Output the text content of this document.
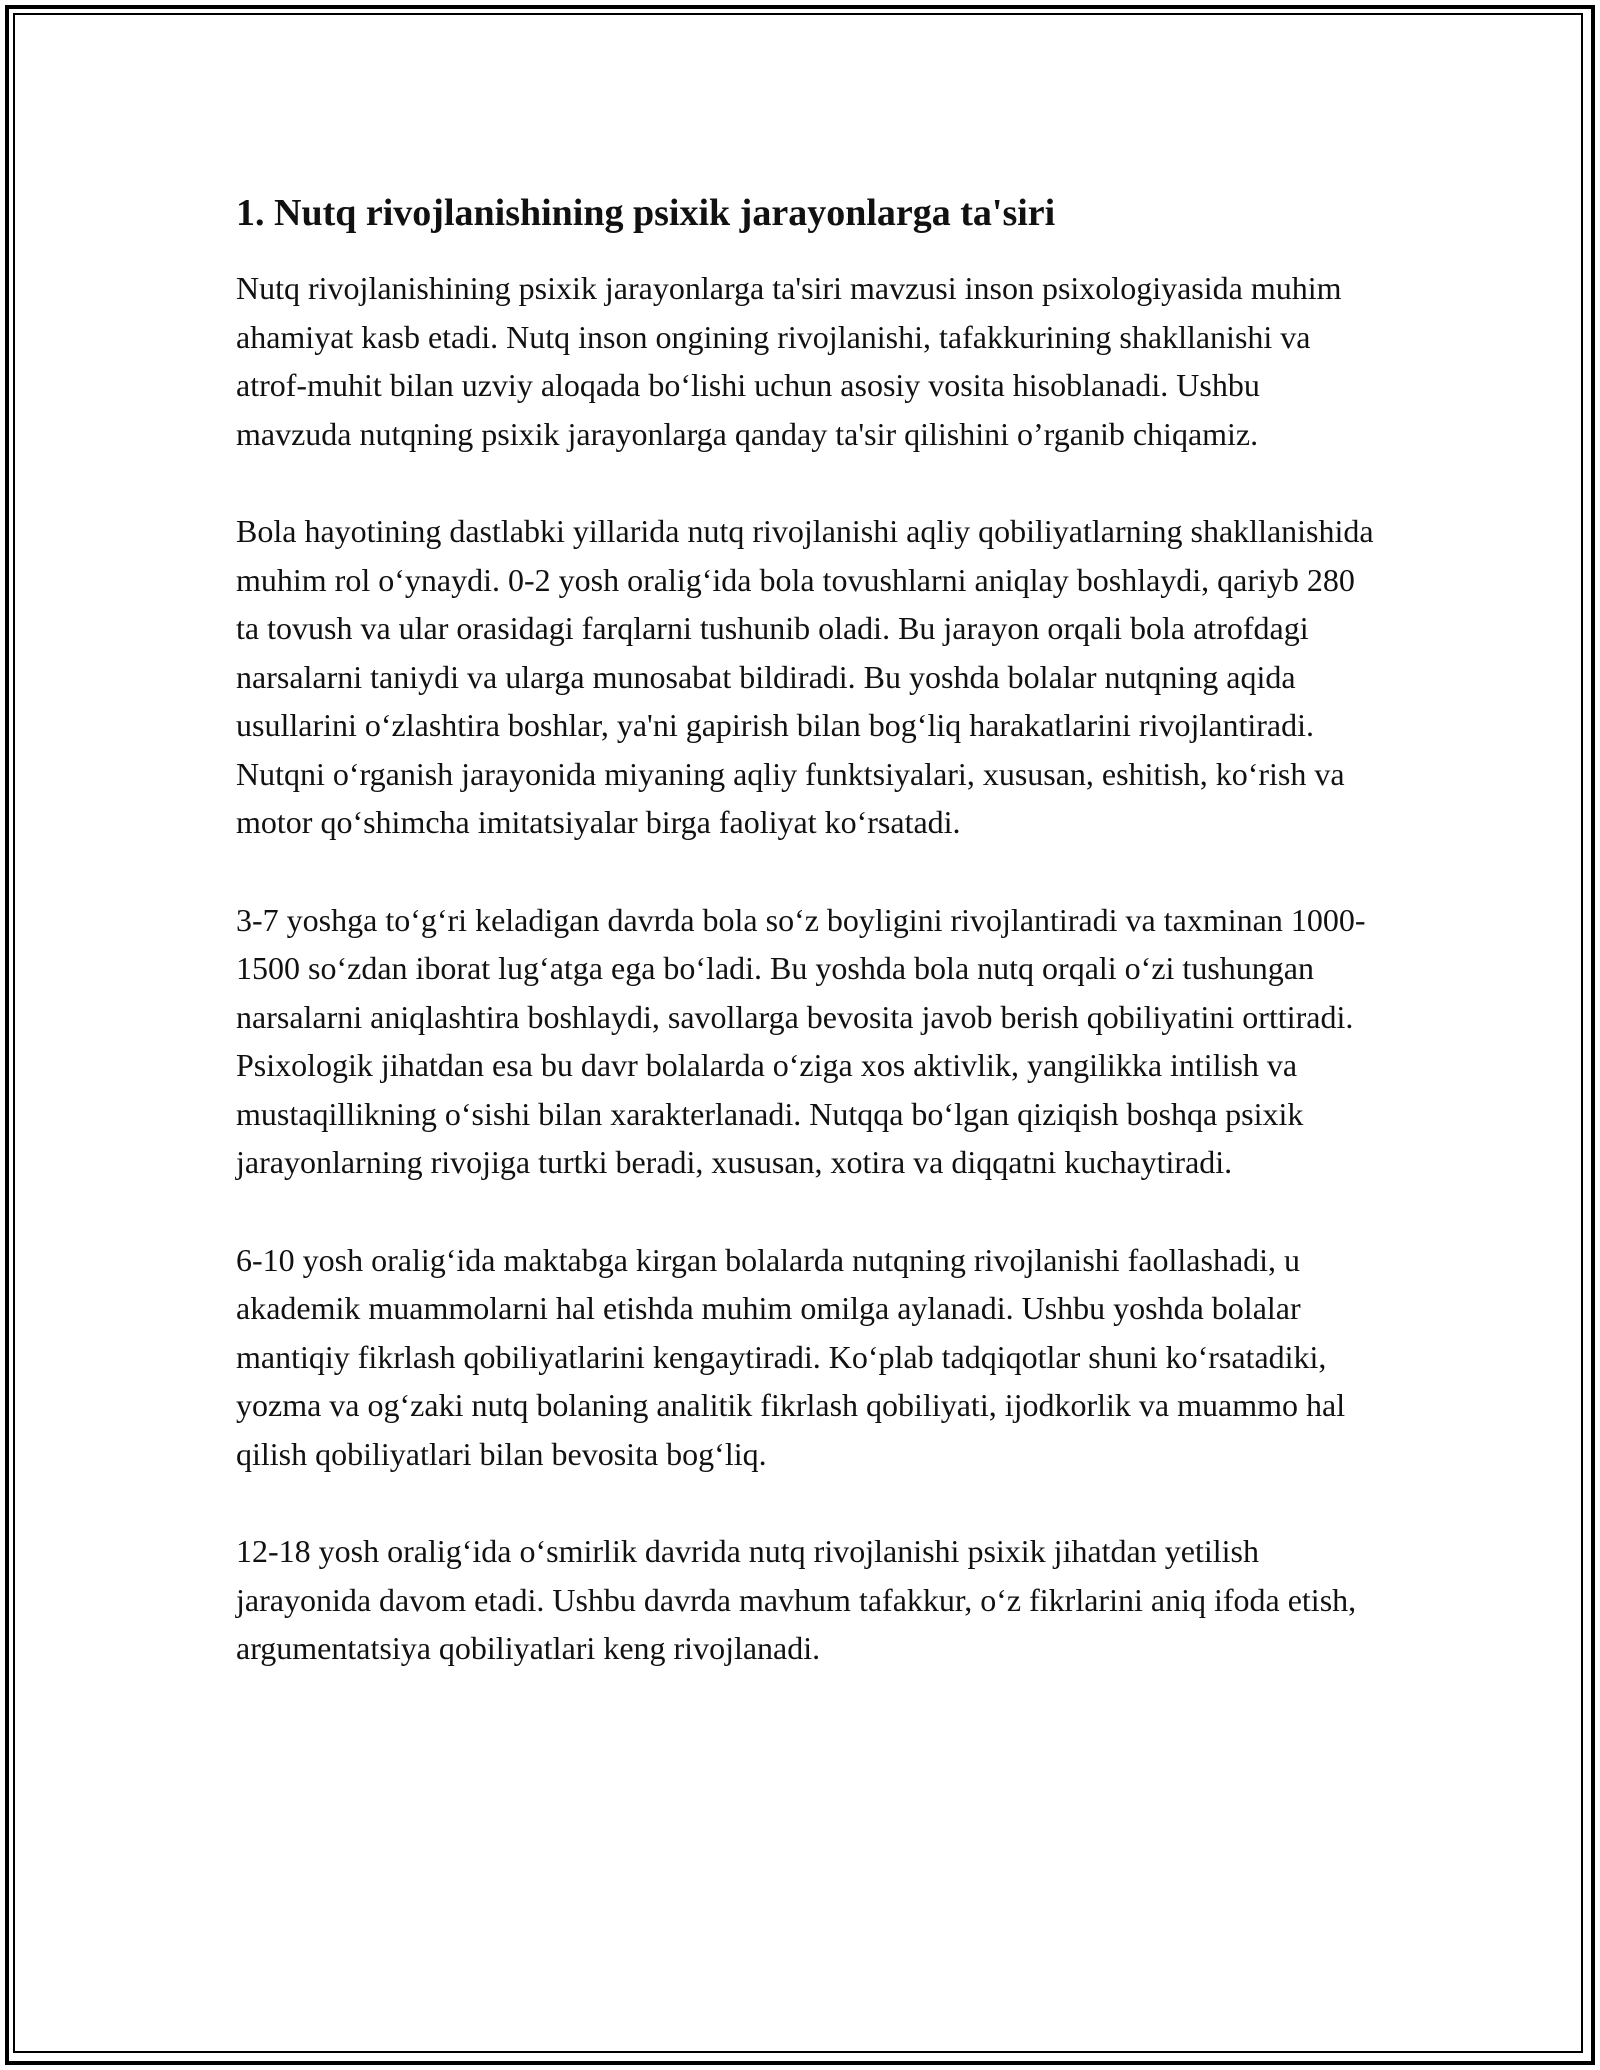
1. Nutq rivojlanishining psixik jarayonlarga ta'siri

Nutq rivojlanishining psixik jarayonlarga ta'siri mavzusi inson psixologiyasida muhim ahamiyat kasb etadi. Nutq inson ongining rivojlanishi, tafakkurining shakllanishi va atrof-muhit bilan uzviy aloqada bo‘lishi uchun asosiy vosita hisoblanadi. Ushbu mavzuda nutqning psixik jarayonlarga qanday ta'sir qilishini o’rganib chiqamiz.

Bola hayotining dastlabki yillarida nutq rivojlanishi aqliy qobiliyatlarning shakllanishida muhim rol o‘ynaydi. 0-2 yosh oralig‘ida bola tovushlarni aniqlay boshlaydi, qariyb 280 ta tovush va ular orasidagi farqlarni tushunib oladi. Bu jarayon orqali bola atrofdagi narsalarni taniydi va ularga munosabat bildiradi. Bu yoshda bolalar nutqning aqida usullarini o‘zlashtira boshlar, ya'ni gapirish bilan bog‘liq harakatlarini rivojlantiradi. Nutqni o‘rganish jarayonida miyaning aqliy funktsiyalari, xususan, eshitish, ko‘rish va motor qo‘shimcha imitatsiyalar birga faoliyat ko‘rsatadi.

3-7 yoshga to‘g‘ri keladigan davrda bola so‘z boyligini rivojlantiradi va taxminan 1000-1500 so‘zdan iborat lug‘atga ega bo‘ladi. Bu yoshda bola nutq orqali o‘zi tushungan narsalarni aniqlashtira boshlaydi, savollarga bevosita javob berish qobiliyatini orttiradi. Psixologik jihatdan esa bu davr bolalarda o‘ziga xos aktivlik, yangilikka intilish va mustaqillikning o‘sishi bilan xarakterlanadi. Nutqqa bo‘lgan qiziqish boshqa psixik jarayonlarning rivojiga turtki beradi, xususan, xotira va diqqatni kuchaytiradi.

6-10 yosh oralig‘ida maktabga kirgan bolalarda nutqning rivojlanishi faollashadi, u akademik muammolarni hal etishda muhim omilga aylanadi. Ushbu yoshda bolalar mantiqiy fikrlash qobiliyatlarini kengaytiradi. Ko‘plab tadqiqotlar shuni ko‘rsatadiki, yozma va og‘zaki nutq bolaning analitik fikrlash qobiliyati, ijodkorlik va muammo hal qilish qobiliyatlari bilan bevosita bog‘liq.

12-18 yosh oralig‘ida o‘smirlik davrida nutq rivojlanishi psixik jihatdan yetilish jarayonida davom etadi. Ushbu davrda mavhum tafakkur, o‘z fikrlarini aniq ifoda etish, argumentatsiya qobiliyatlari keng rivojlanadi.
